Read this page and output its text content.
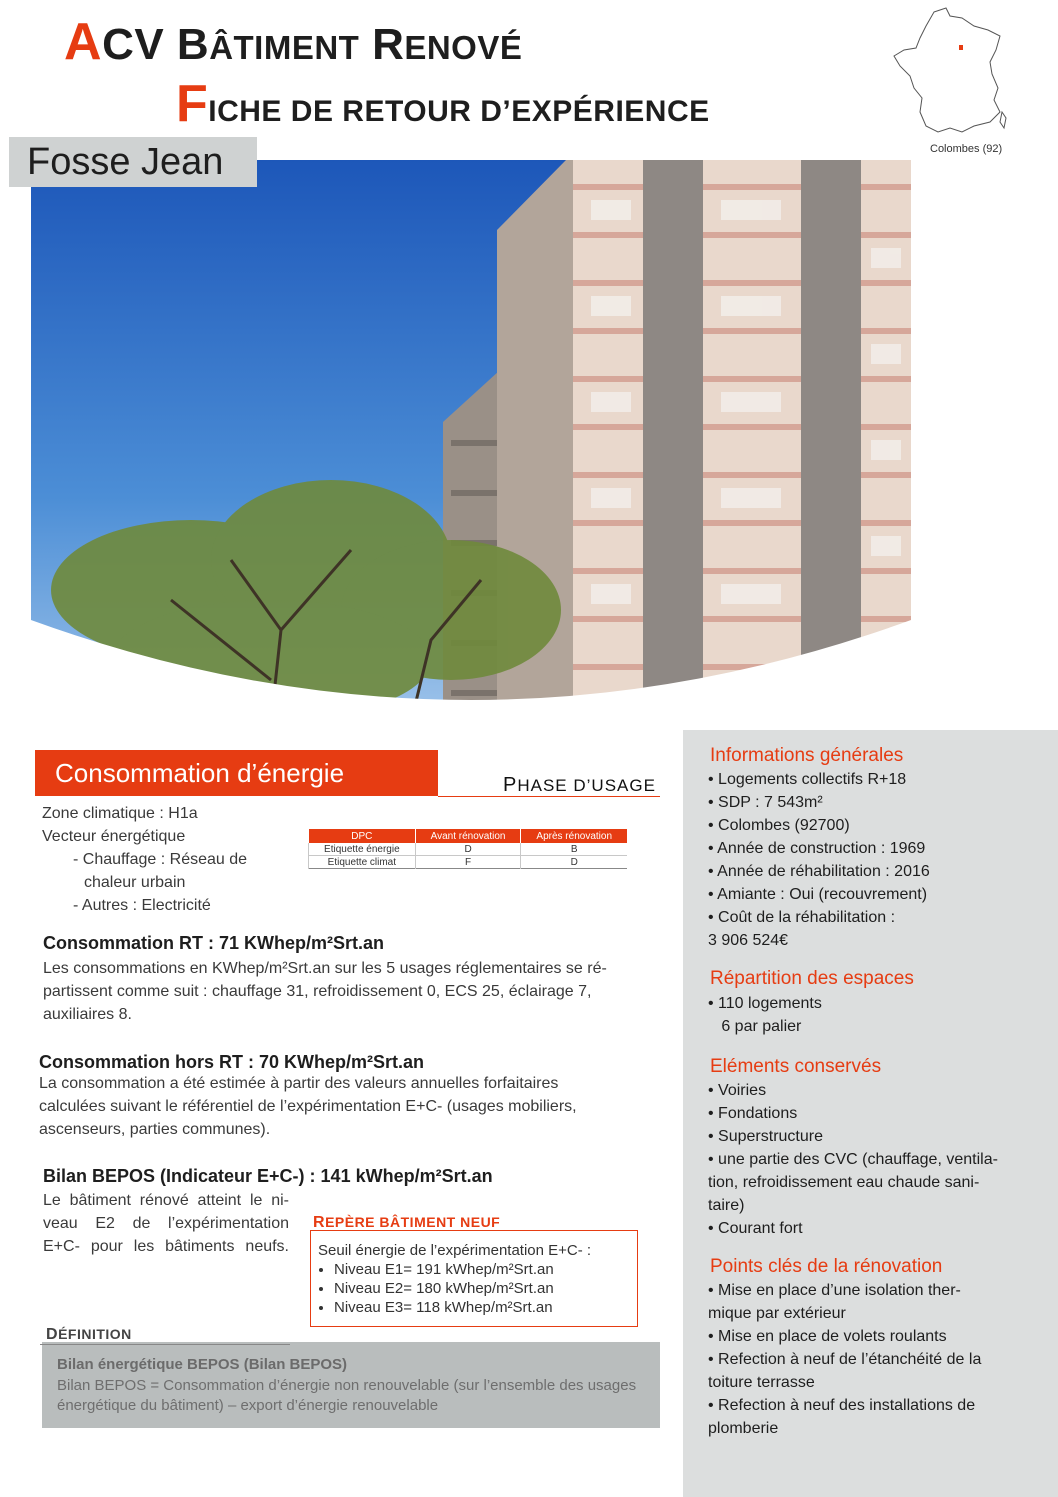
ACV BÂTIMENT RENOVÉ
FICHE DE RETOUR D’EXPÉRIENCE
Colombes (92)
Fosse Jean
Consommation d’énergie	PHASE D’USAGE
Zone climatique : H1a
Vecteur énergétique
- Chauffage : Réseau de
chaleur urbain
- Autres : Electricité
DPC	Avant rénovation	Après rénovation
Etiquette énergie	D	B
Etiquette climat	F	D
Consommation RT : 71 KWhep/m²Srt.an
Les consommations en KWhep/m²Srt.an sur les 5 usages réglementaires se ré-
partissent comme suit : chauffage 31, refroidissement 0, ECS 25, éclairage 7,
auxiliaires 8.
Consommation hors RT : 70 KWhep/m²Srt.an
La consommation a été estimée à partir des valeurs annuelles forfaitaires
calculées suivant le référentiel de l’expérimentation E+C- (usages mobiliers,
ascenseurs, parties communes).
Bilan BEPOS (Indicateur E+C-) : 141 kWhep/m²Srt.an
Le bâtiment rénové atteint le ni-
veau E2 de l’expérimentation
E+C- pour les bâtiments neufs.
REPÈRE BÂTIMENT NEUF
Seuil énergie de l’expérimentation E+C- :
• Niveau E1= 191 kWhep/m²Srt.an
• Niveau E2= 180 kWhep/m²Srt.an
• Niveau E3= 118 kWhep/m²Srt.an
DÉFINITION
Bilan énergétique BEPOS (Bilan BEPOS)
Bilan BEPOS = Consommation d’énergie non renouvelable (sur l’ensemble des usages énergétique du bâtiment) – export d’énergie renouvelable
Informations générales
• Logements collectifs R+18
• SDP : 7 543m²
• Colombes (92700)
• Année de construction : 1969
• Année de réhabilitation : 2016
• Amiante : Oui (recouvrement)
• Coût de la réhabilitation :
3 906 524€
Répartition des espaces
• 110 logements
6 par palier
Eléments conservés
• Voiries
• Fondations
• Superstructure
• une partie des CVC (chauffage, ventila-
tion, refroidissement eau chaude sani-
taire)
• Courant fort
Points clés de la rénovation
• Mise en place d’une isolation ther-
mique par extérieur
• Mise en place de volets roulants
• Refection à neuf de l’étanchéité de la
toiture terrasse
• Refection à neuf des installations de
plomberie
